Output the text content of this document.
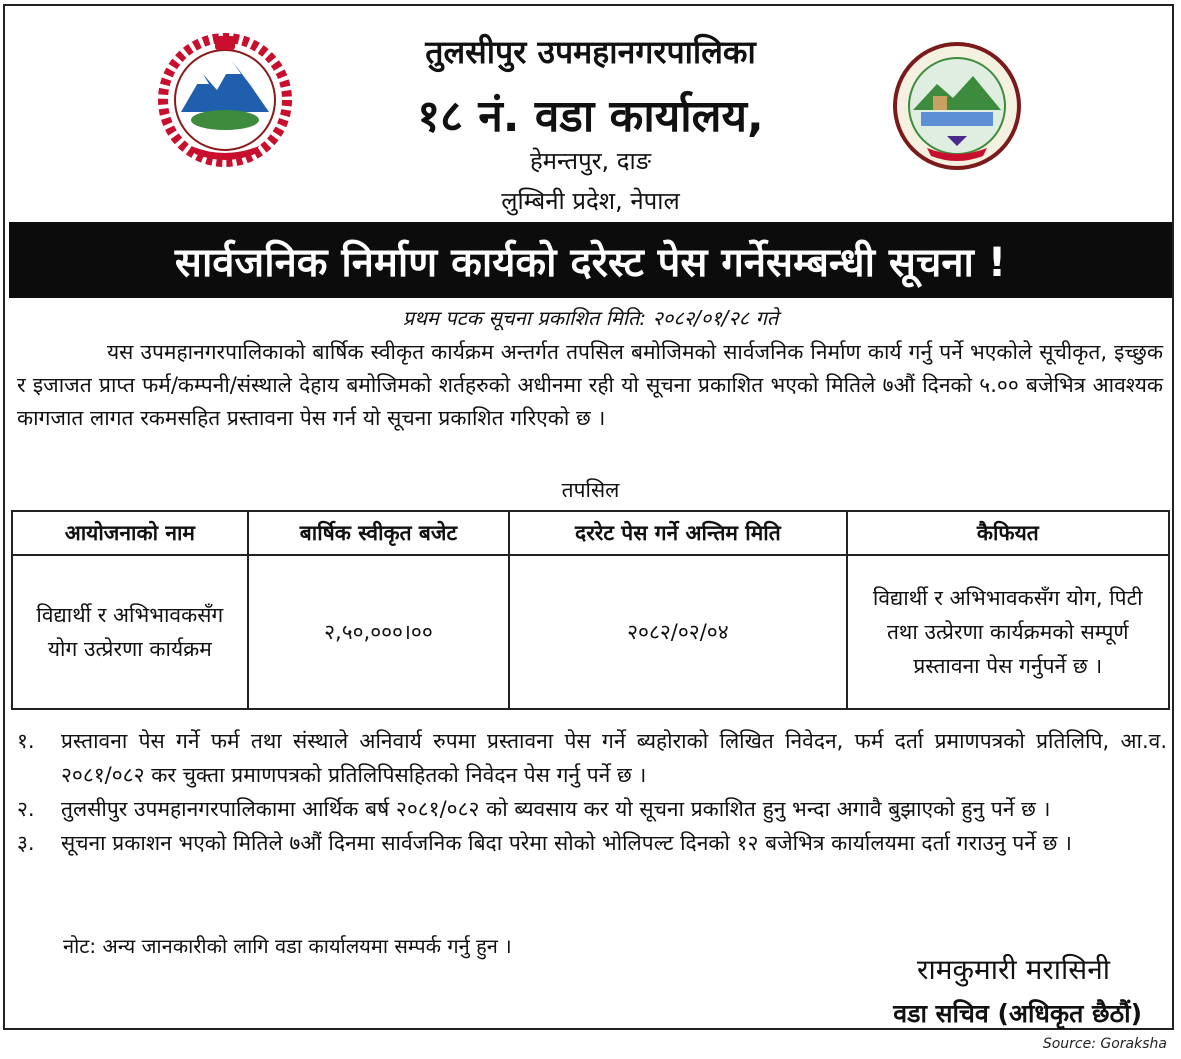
तुलसीपुर उपमहानगरपालिका
१८ नं. वडा कार्यालय,
हेमन्तपुर, दाङ
लुम्बिनी प्रदेश, नेपाल
सार्वजनिक निर्माण कार्यको दरेस्ट पेस गर्नेसम्बन्धी सूचना !
प्रथम पटक सूचना प्रकाशित मिति: २०८२/०१/२८ गते

यस उपमहानगरपालिकाको बार्षिक स्वीकृत कार्यक्रम अन्तर्गत तपसिल बमोजिमको सार्वजनिक निर्माण कार्य गर्नु पर्ने भएकोले सूचीकृत, इच्छुक र इजाजत प्राप्त फर्म/कम्पनी/संस्थाले देहाय बमोजिमको शर्तहरुको अधीनमा रही यो सूचना प्रकाशित भएको मितिले ७औं दिनको ५.०० बजेभित्र आवश्यक कागजात लागत रकमसहित प्रस्तावना पेस गर्न यो सूचना प्रकाशित गरिएको छ ।

तपसिल
आयोजनाको नाम	बार्षिक स्वीकृत बजेट	दररेट पेस गर्ने अन्तिम मिति	कैफियत
विद्यार्थी र अभिभावकसँग योग उत्प्रेरणा कार्यक्रम	२,५०,०००।००	२०८२/०२/०४	विद्यार्थी र अभिभावकसँग योग, पिटी तथा उत्प्रेरणा कार्यक्रमको सम्पूर्ण प्रस्तावना पेस गर्नुपर्ने छ ।
१.	प्रस्तावना पेस गर्ने फर्म तथा संस्थाले अनिवार्य रुपमा प्रस्तावना पेस गर्ने ब्यहोराको लिखित निवेदन, फर्म दर्ता प्रमाणपत्रको प्रतिलिपि, आ.व. २०८१/०८२ कर चुक्ता प्रमाणपत्रको प्रतिलिपिसहितको निवेदन पेस गर्नु पर्ने छ ।
२.	तुलसीपुर उपमहानगरपालिकामा आर्थिक बर्ष २०८१/०८२ को ब्यवसाय कर यो सूचना प्रकाशित हुनु भन्दा अगावै बुझाएको हुनु पर्ने छ ।
३.	सूचना प्रकाशन भएको मितिले ७औं दिनमा सार्वजनिक बिदा परेमा सोको भोलिपल्ट दिनको १२ बजेभित्र कार्यालयमा दर्ता गराउनु पर्ने छ ।
नोट: अन्य जानकारीको लागि वडा कार्यालयमा सम्पर्क गर्नु हुन ।
रामकुमारी मरासिनी
वडा सचिव (अधिकृत छैठौं)
Source: Goraksha
